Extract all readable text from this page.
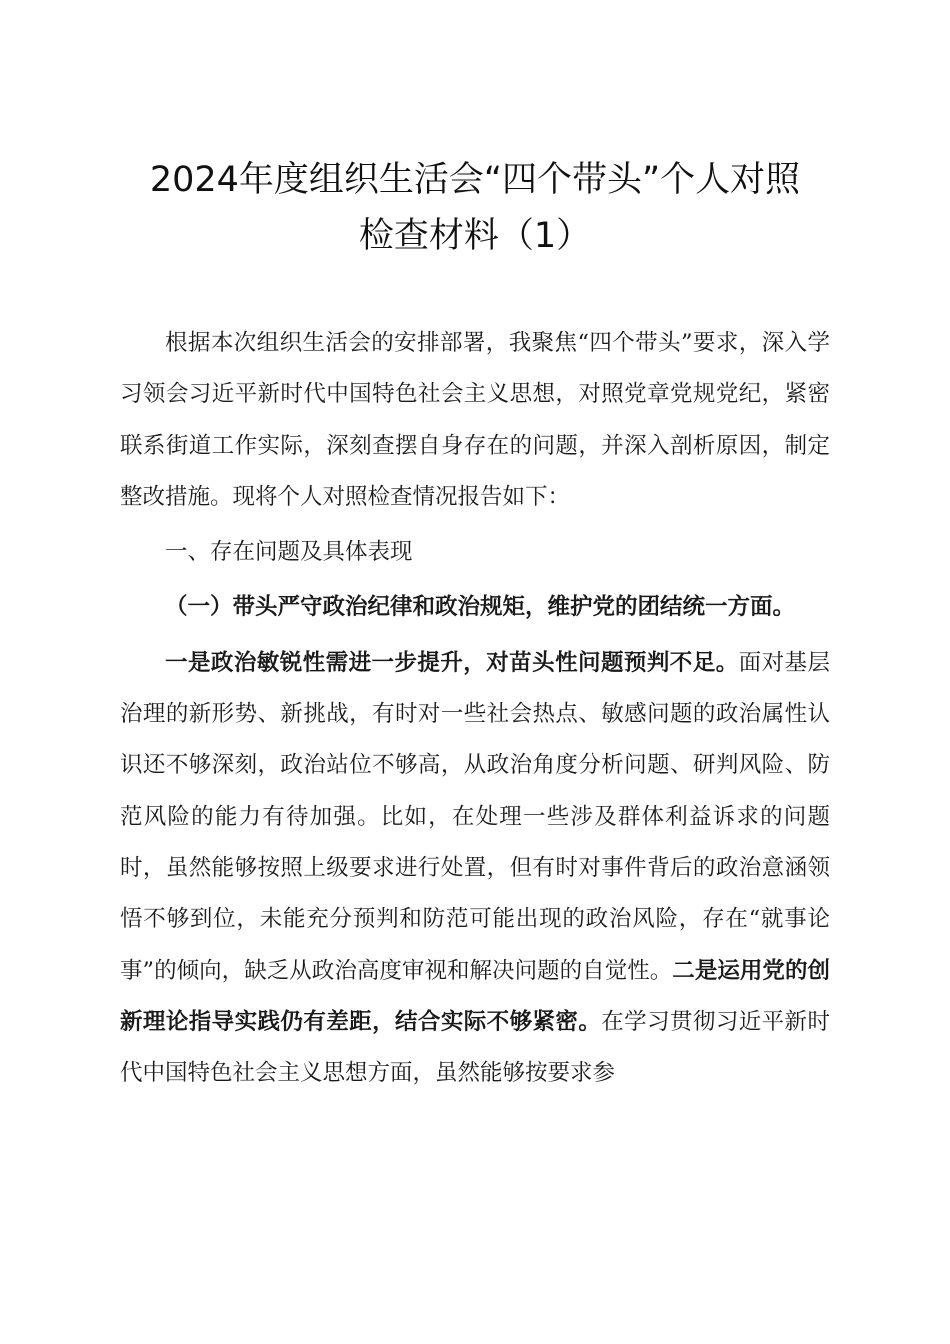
2024年度组织生活会“四个带头”个人对照
检查材料（1）

根据本次组织生活会的安排部署，我聚焦“四个带头”要求，深入学习领会习近平新时代中国特色社会主义思想，对照党章党规党纪，紧密联系街道工作实际，深刻查摆自身存在的问题，并深入剖析原因，制定整改措施。现将个人对照检查情况报告如下：

一、存在问题及具体表现

（一）带头严守政治纪律和政治规矩，维护党的团结统一方面。

一是政治敏锐性需进一步提升，对苗头性问题预判不足。面对基层治理的新形势、新挑战，有时对一些社会热点、敏感问题的政治属性认识还不够深刻，政治站位不够高，从政治角度分析问题、研判风险、防范风险的能力有待加强。比如，在处理一些涉及群体利益诉求的问题时，虽然能够按照上级要求进行处置，但有时对事件背后的政治意涵领悟不够到位，未能充分预判和防范可能出现的政治风险，存在“就事论事”的倾向，缺乏从政治高度审视和解决问题的自觉性。二是运用党的创新理论指导实践仍有差距，结合实际不够紧密。在学习贯彻习近平新时代中国特色社会主义思想方面，虽然能够按要求参
